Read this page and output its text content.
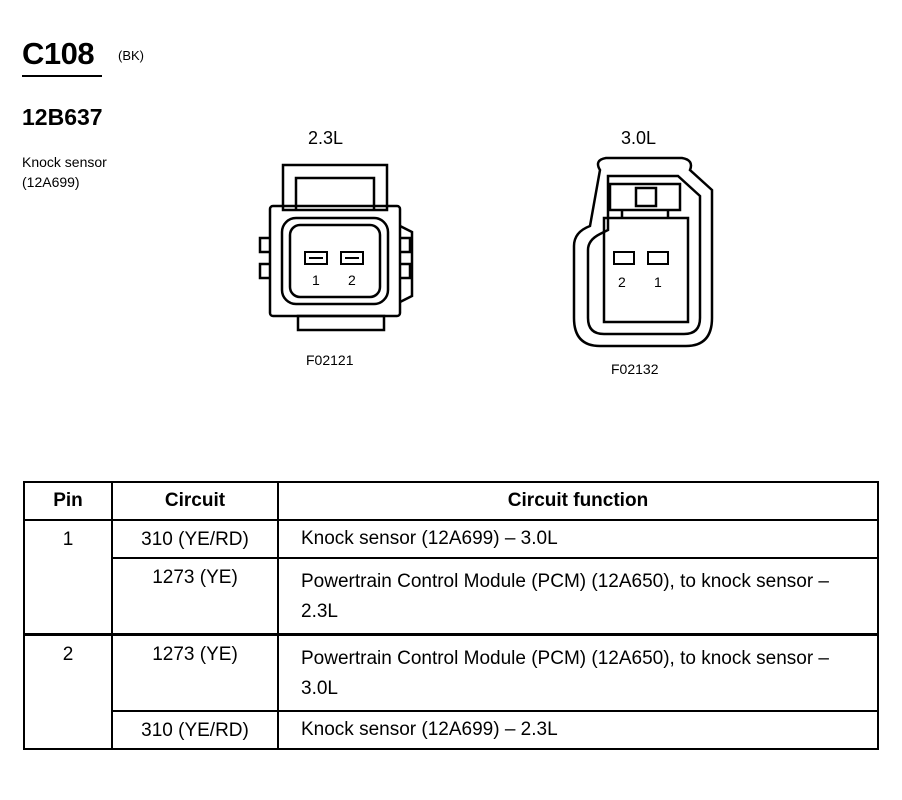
C108 (BK)
12B637
Knock sensor
(12A699)
2.3L	3.0L
F02121
F02132
1 2	2 1
Pin	Circuit	Circuit function
1	310 (YE/RD)	Knock sensor (12A699) – 3.0L
	1273 (YE)	Powertrain Control Module (PCM) (12A650), to knock sensor – 2.3L
2	1273 (YE)	Powertrain Control Module (PCM) (12A650), to knock sensor – 3.0L
	310 (YE/RD)	Knock sensor (12A699) – 2.3L
